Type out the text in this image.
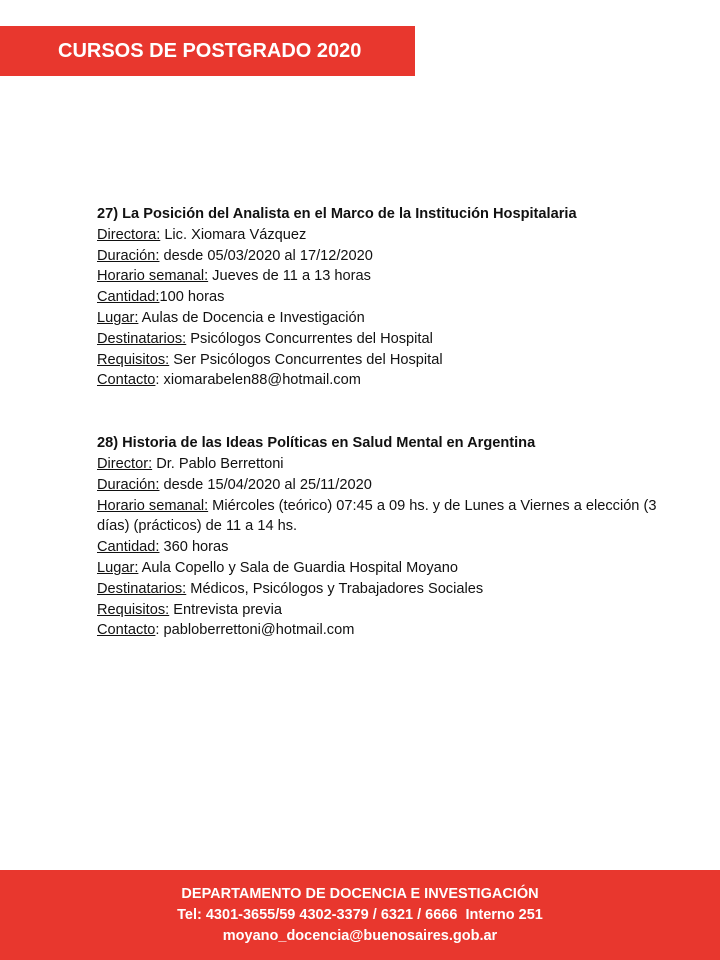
CURSOS DE POSTGRADO 2020
27) La Posición del Analista en el Marco de la Institución Hospitalaria
Directora: Lic. Xiomara Vázquez
Duración: desde 05/03/2020 al 17/12/2020
Horario semanal: Jueves de 11 a 13 horas
Cantidad:100 horas
Lugar: Aulas de Docencia e Investigación
Destinatarios: Psicólogos Concurrentes del Hospital
Requisitos: Ser Psicólogos Concurrentes del Hospital
Contacto: xiomarabelen88@hotmail.com
28) Historia de las Ideas Políticas en Salud Mental en Argentina
Director: Dr. Pablo Berrettoni
Duración: desde 15/04/2020 al 25/11/2020
Horario semanal: Miércoles (teórico) 07:45 a 09 hs. y de Lunes a Viernes a elección (3 días) (prácticos) de 11 a 14 hs.
Cantidad: 360 horas
Lugar: Aula Copello y Sala de Guardia Hospital Moyano
Destinatarios: Médicos, Psicólogos y Trabajadores Sociales
Requisitos: Entrevista previa
Contacto: pabloberrettoni@hotmail.com
DEPARTAMENTO DE DOCENCIA E INVESTIGACIÓN
Tel: 4301-3655/59 4302-3379 / 6321 / 6666  Interno 251
moyano_docencia@buenosaires.gob.ar
